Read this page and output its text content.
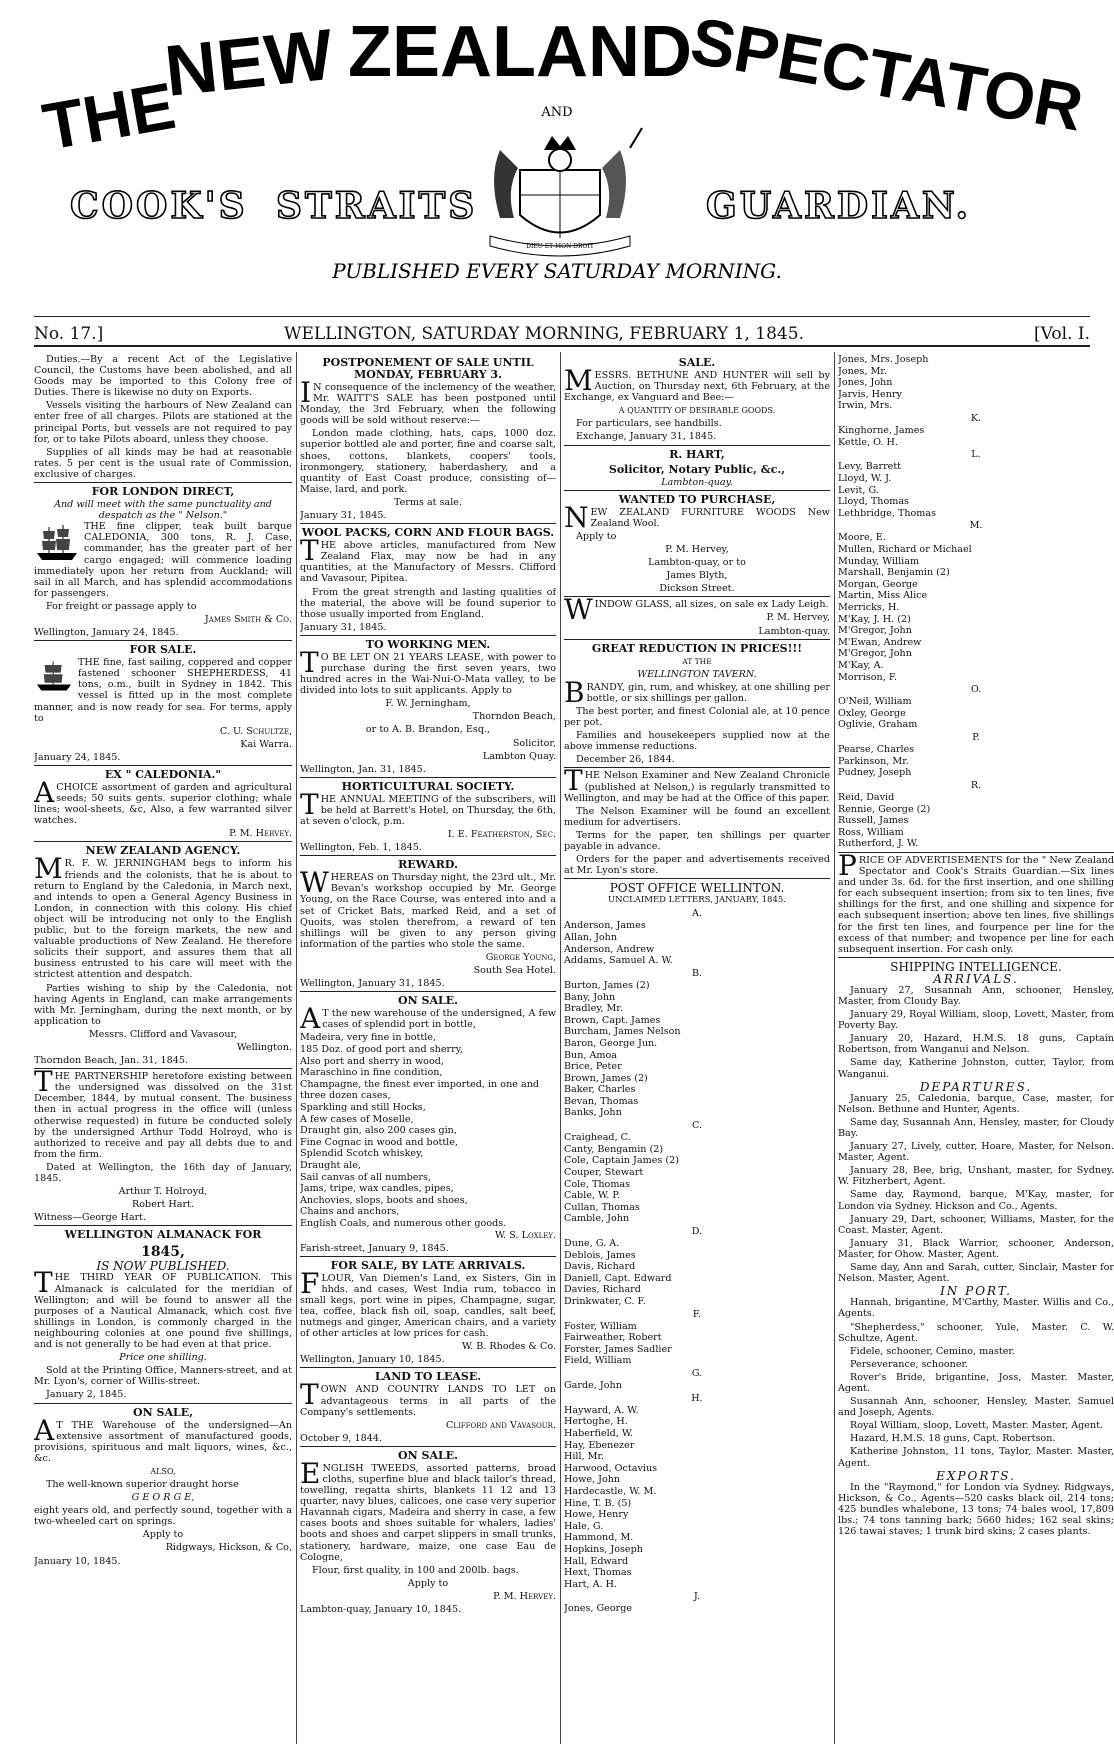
THE
NEW ZEALAND
SPECTATOR
AND
COOK'S STRAITS	GUARDIAN.
DIEU ET MON DROIT
PUBLISHED EVERY SATURDAY MORNING.
No. 17.]	WELLINGTON, SATURDAY MORNING, FEBRUARY 1, 1845.	[Vol. I.

Duties.—By a recent Act of the Legislative Council, the Customs have been abolished, and all Goods may be imported to this Colony free of Duties. There is likewise no duty on Exports.

Vessels visiting the harbours of New Zealand can enter free of all charges. Pilots are stationed at the principal Ports, but vessels are not required to pay for, or to take Pilots aboard, unless they choose.

Supplies of all kinds may be had at reasonable rates. 5 per cent is the usual rate of Commission, exclusive of charges.

FOR LONDON DIRECT,
And will meet with the same punctuality and despatch as the " Nelson."

THE fine clipper, teak built barque CALEDONIA, 300 tons, R. J. Case, commander, has the greater part of her cargo engaged; will commence loading immediately upon her return from Auckland; will sail in all March, and has splendid accommodations for passengers.

For freight or passage apply to

James Smith & Co.

Wellington, January 24, 1845.

FOR SALE.

THE fine, fast sailing, coppered and copper fastened schooner SHEPHERDESS, 41 tons, o.m., built in Sydney in 1842. This vessel is fitted up in the most complete manner, and is now ready for sea. For terms, apply to

C. U. Schultze,

Kai Warra.

January 24, 1845.

EX " CALEDONIA."

ACHOICE assortment of garden and agricultural seeds; 50 suits gents. superior clothing; whale lines; wool-sheets, &c, Also, a few warranted silver watches.

P. M. Hervey.

NEW ZEALAND AGENCY.

MR. F. W. JERNINGHAM begs to inform his friends and the colonists, that he is about to return to England by the Caledonia, in March next, and intends to open a General Agency Business in London, in connection with this colony. His chief object will be introducing not only to the English public, but to the foreign markets, the new and valuable productions of New Zealand. He therefore solicits their support, and assures them that all business entrusted to his care will meet with the strictest attention and despatch.

Parties wishing to ship by the Caledonia, not having Agents in England, can make arrangements with Mr. Jerningham, during the next month, or by application to

Messrs. Clifford and Vavasour,

Wellington.

Thorndon Beach, Jan. 31, 1845.

THE PARTNERSHIP heretofore existing between the undersigned was dissolved on the 31st December, 1844, by mutual consent. The business then in actual progress in the office will (unless otherwise requested) in future be conducted solely by the undersigned Arthur Todd Holroyd, who is authorized to receive and pay all debts due to and from the firm.

Dated at Wellington, the 16th day of January, 1845.

Arthur T. Holroyd,

Robert Hart.

Witness—George Hart.

WELLINGTON ALMANACK FOR
1845,
IS NOW PUBLISHED.

THE THIRD YEAR OF PUBLICATION. This Almanack is calculated for the meridian of Wellington; and will be found to answer all the purposes of a Nautical Almanack, which cost five shillings in London, is commonly charged in the neighbouring colonies at one pound five shillings, and is not generally to be had even at that price.

Price one shilling.

Sold at the Printing Office, Manners-street, and at Mr. Lyon's, corner of Willis-street.

January 2, 1845.

ON SALE,

AT THE Warehouse of the undersigned—An extensive assortment of manufactured goods, provisions, spirituous and malt liquors, wines, &c., &c.

ALSO,

The well-known superior draught horse

G E O R G E,

eight years old, and perfectly sound, together with a two-wheeled cart on springs.

Apply to

Ridgways, Hickson, & Co,

January 10, 1845.

POSTPONEMENT OF SALE UNTIL MONDAY, FEBRUARY 3.

IN consequence of the inclemency of the weather, Mr. WAITT'S SALE has been postponed until Monday, the 3rd February, when the following goods will be sold without reserve:—

London made clothing, hats, caps, 1000 doz. superior bottled ale and porter, fine and coarse salt, shoes, cottons, blankets, coopers' tools, ironmongery, stationery, haberdashery, and a quantity of East Coast produce, consisting of—Maise, lard, and pork.

Terms at sale.

January 31, 1845.

WOOL PACKS, CORN AND FLOUR BAGS.

THE above articles, manufactured from New Zealand Flax, may now be had in any quantities, at the Manufactory of Messrs. Clifford and Vavasour, Pipitea.

From the great strength and lasting qualities of the material, the above will be found superior to those usually imported from England.

January 31, 1845.

TO WORKING MEN.

TO BE LET ON 21 YEARS LEASE, with power to purchase during the first seven years, two hundred acres in the Wai-Nui-O-Mata valley, to be divided into lots to suit applicants. Apply to

F. W. Jerningham,

Thorndon Beach,

or to A. B. Brandon, Esq.,

Solicitor,

Lambton Quay.

Wellington, Jan. 31, 1845.

HORTICULTURAL SOCIETY.

THE ANNUAL MEETING of the subscribers, will be held at Barrett's Hotel, on Thursday, the 6th, at seven o'clock, p.m.

I. E. Featherston, Sec.

Wellington, Feb. 1, 1845.

REWARD.

WHEREAS on Thursday night, the 23rd ult., Mr. Bevan's workshop occupied by Mr. George Young, on the Race Course, was entered into and a set of Cricket Bats, marked Reid, and a set of Quoits, was stolen therefrom, a reward of ten shillings will be given to any person giving information of the parties who stole the same.

George Young,

South Sea Hotel.

Wellington, January 31, 1845.

ON SALE.

AT the new warehouse of the undersigned, A few cases of splendid port in bottle,

Madeira, very fine in bottle,
185 Doz. of good port and sherry,
Also port and sherry in wood,
Maraschino in fine condition,
Champagne, the finest ever imported, in one and three dozen cases,
Sparkling and still Hocks,
A few cases of Moselle,
Draught gin, also 200 cases gin,
Fine Cognac in wood and bottle,
Splendid Scotch whiskey,
Draught ale,
Sail canvas of all numbers,
Jams, tripe, wax candles, pipes,
Anchovies, slops, boots and shoes,
Chains and anchors,
English Coals, and numerous other goods.

W. S. Loxley.

Farish-street, January 9, 1845.

FOR SALE, BY LATE ARRIVALS.

FLOUR, Van Diemen's Land, ex Sisters, Gin in hhds. and cases, West India rum, tobacco in small kegs, port wine in pipes, Champagne, sugar, tea, coffee, black fish oil, soap, candles, salt beef, nutmegs and ginger, American chairs, and a variety of other articles at low prices for cash.

W. B. Rhodes & Co.

Wellington, January 10, 1845.

LAND TO LEASE.

TOWN AND COUNTRY LANDS TO LET on advantageous terms in all parts of the Company's settlements.

Clifford and Vavasour.

October 9, 1844.

ON SALE.

ENGLISH TWEEDS, assorted patterns, broad cloths, superfine blue and black tailor's thread, towelling, regatta shirts, blankets 11 12 and 13 quarter, navy blues, calicoes, one case very superior Havannah cigars, Madeira and sherry in case, a few cases boots and shoes suitable for whalers, ladies' boots and shoes and carpet slippers in small trunks, stationery, hardware, maize, one case Eau de Cologne,

Flour, first quality, in 100 and 200lb. bags.

Apply to

P. M. Hervey.

Lambton-quay, January 10, 1845.

SALE.

MESSRS. BETHUNE AND HUNTER will sell by Auction, on Thursday next, 6th February, at the Exchange, ex Vanguard and Bee:—

A QUANTITY OF DESIRABLE GOODS.

For particulars, see handbills.

Exchange, January 31, 1845.

R. HART,
Solicitor, Notary Public, &c.,

Lambton-quay.

WANTED TO PURCHASE,

NEW ZEALAND FURNITURE WOODS New Zealand Wool.

Apply to

P. M. Hervey,

Lambton-quay, or to

James Blyth,

Dickson Street.

WINDOW GLASS, all sizes, on sale ex Lady Leigh.

P. M. Hervey,

Lambton-quay.

GREAT REDUCTION IN PRICES!!!

AT THE

WELLINGTON TAVERN.

BRANDY, gin, rum, and whiskey, at one shilling per bottle, or six shillings per gallon.

The best porter, and finest Colonial ale, at 10 pence per pot.

Families and housekeepers supplied now at the above immense reductions.

December 26, 1844.

THE Nelson Examiner and New Zealand Chronicle (published at Nelson,) is regularly transmitted to Wellington, and may be had at the Office of this paper.

The Nelson Examiner will be found an excellent medium for advertisers.

Terms for the paper, ten shillings per quarter payable in advance.

Orders for the paper and advertisements received at Mr. Lyon's store.

POST OFFICE WELLINTON.

UNCLAIMED LETTERS, JANUARY, 1845.

A.
Anderson, James
Allan, John
Anderson, Andrew
Addams, Samuel A. W.
B.
Burton, James (2)
Bany, John
Bradley, Mr.
Brown, Capt. James
Burcham, James Nelson
Baron, George Jun.
Bun, Amoa
Brice, Peter
Brown, James (2)
Baker, Charles
Bevan, Thomas
Banks, John
C.
Craighead, C.
Canty, Bengamin (2)
Cole, Captain James (2)
Couper, Stewart
Cole, Thomas
Cable, W. P.
Cullan, Thomas
Camble, John
D.
Dune, G. A.
Deblois, James
Davis, Richard
Daniell, Capt. Edward
Davies, Richard
Drinkwater, C. F.
F.
Foster, William
Fairweather, Robert
Forster, James Sadlier
Field, William
G.
Garde, John
H.
Hayward, A. W.
Hertoghe, H.
Haberfield, W.
Hay, Ebenezer
Hill, Mr.
Harwood, Octavius
Howe, John
Hardecastle, W. M.
Hine, T. B. (5)
Howe, Henry
Hale, G.
Hammond, M.
Hopkins, Joseph
Hall, Edward
Hext, Thomas
Hart, A. H.
J.
Jones, George
Jones, Mrs. Joseph
Jones, Mr.
Jones, John
Jarvis, Henry
Irwin, Mrs.
K.
Kinghorne, James
Kettle, O. H.
L.
Levy, Barrett
Lloyd, W. J.
Levit, G.
Lloyd, Thomas
Lethbridge, Thomas
M.
Moore, E.
Mullen, Richard or Michael
Munday, William
Marshall, Benjamin (2)
Morgan, George
Martin, Miss Alice
Merricks, H.
M'Kay, J. H. (2)
M'Gregor, John
M'Ewan, Andrew
M'Gregor, John
M'Kay, A.
Morrison, F.
O.
O'Neil, William
Oxley, George
Oglivie, Graham
P.
Pearse, Charles
Parkinson, Mr.
Pudney, Joseph
R.
Reid, David
Rennie, George (2)
Russell, James
Ross, William
Rutherford, J. W.

PRICE OF ADVERTISEMENTS for the " New Zealand Spectator and Cook's Straits Guardian.—Six lines and under 3s. 6d. for the first insertion, and one shilling for each subsequent insertion; from six to ten lines, five shillings for the first, and one shilling and sixpence for each subsequent insertion; above ten lines, five shillings for the first ten lines, and fourpence per line for the excess of that number; and twopence per line for each subsequent insertion. For cash only.

SHIPPING INTELLIGENCE.
ARRIVALS.

January 27, Susannah Ann, schooner, Hensley, Master, from Cloudy Bay.

January 29, Royal William, sloop, Lovett, Master, from Poverty Bay.

January 20, Hazard, H.M.S. 18 guns, Captain Robertson, from Wanganui and Nelson.

Same day, Katherine Johnston, cutter, Taylor, from Wanganui.

DEPARTURES.

January 25, Caledonia, barque, Case, master, for Nelson. Bethune and Hunter, Agents.

Same day, Susannah Ann, Hensley, master, for Cloudy Bay.

January 27, Lively, cutter, Hoare, Master, for Nelson. Master, Agent.

January 28, Bee, brig, Unshant, master, for Sydney. W. Fitzherbert, Agent.

Same day, Raymond, barque, M'Kay, master, for London via Sydney. Hickson and Co., Agents.

January 29, Dart, schooner, Williams, Master, for the Coast. Master, Agent.

January 31, Black Warrior, schooner, Anderson, Master, for Ohow. Master, Agent.

Same day, Ann and Sarah, cutter, Sinclair, Master for Nelson. Master, Agent.

IN PORT.

Hannah, brigantine, M'Carthy, Master. Willis and Co., Agents.

"Shepherdess," schooner, Yule, Master. C. W. Schultze, Agent.

Fidele, schooner, Cemino, master.

Perseverance, schooner.

Rover's Bride, brigantine, Joss, Master. Master, Agent.

Susannah Ann, schooner, Hensley, Master. Samuel and Joseph, Agents.

Royal William, sloop, Lovett, Master. Master, Agent.

Hazard, H.M.S. 18 guns, Capt. Robertson.

Katherine Johnston, 11 tons, Taylor, Master. Master, Agent.

EXPORTS.

In the "Raymond," for London via Sydney. Ridgways, Hickson, & Co., Agents—520 casks black oil, 214 tons; 425 bundles whalebone, 13 tons; 74 bales wool, 17,809 lbs.; 74 tons tanning bark; 5660 hides; 162 seal skins; 126 tawai staves; 1 trunk bird skins; 2 cases plants.
